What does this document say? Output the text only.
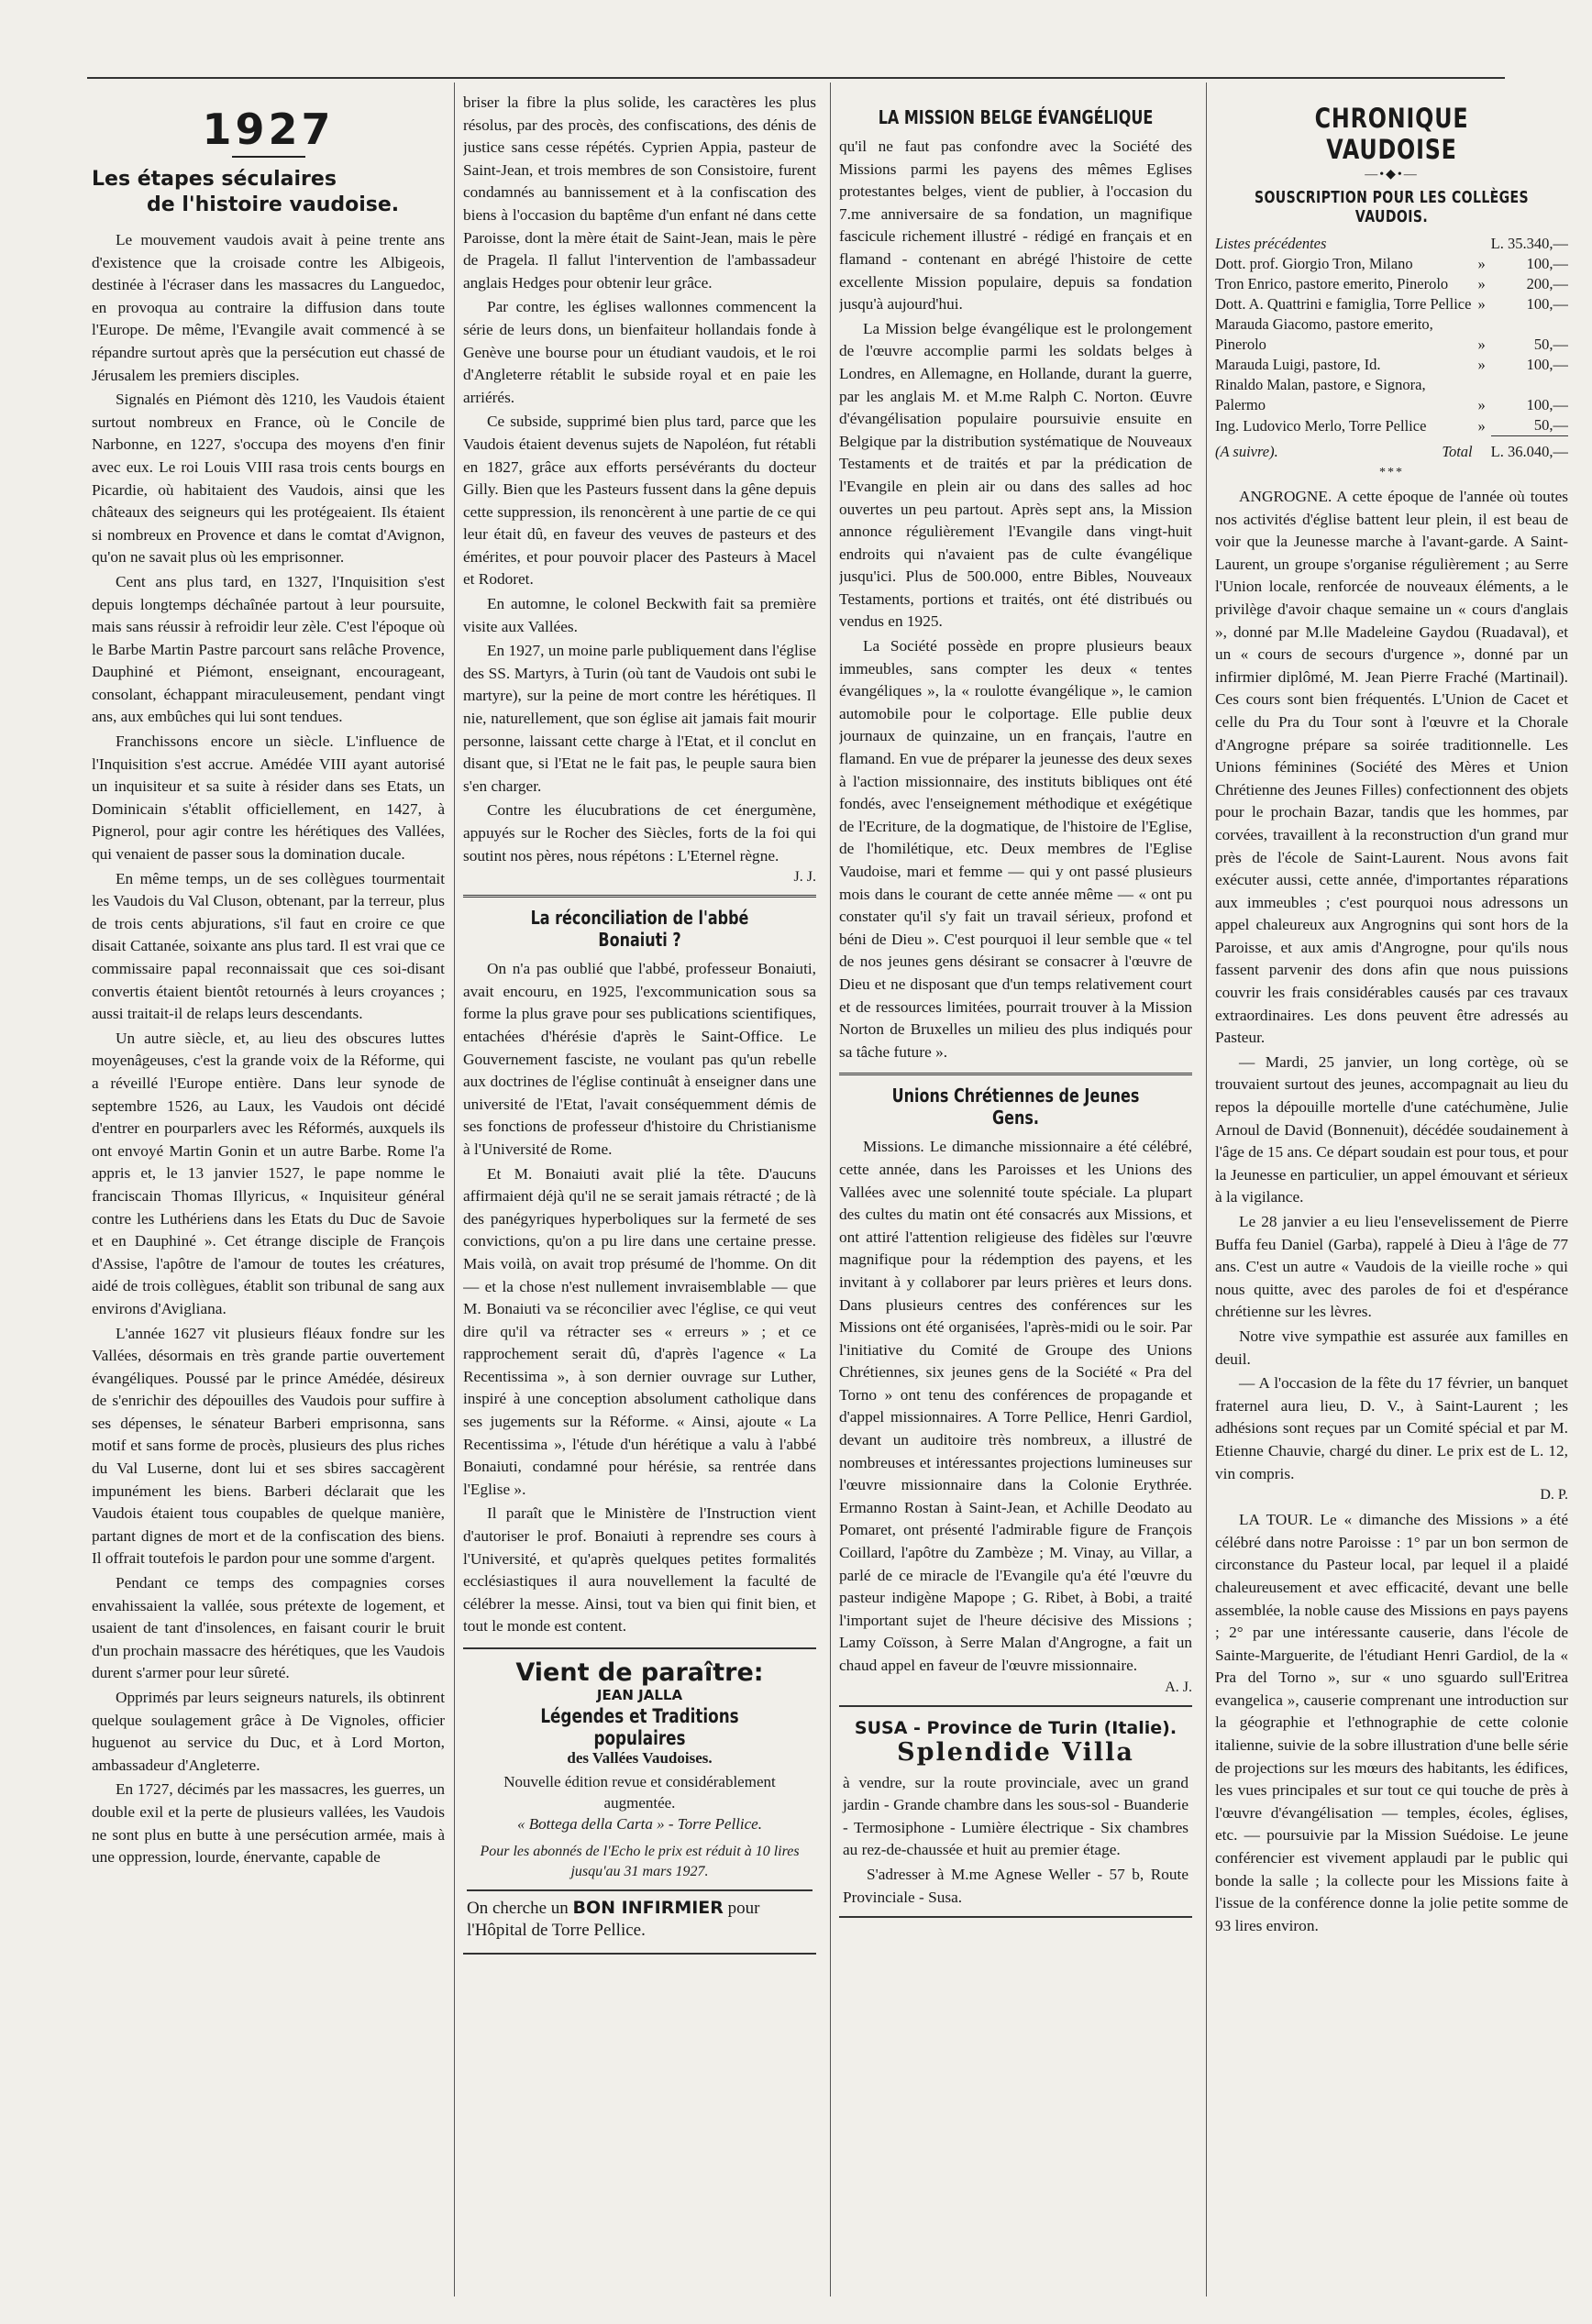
1927
Les étapes séculaires
de l'histoire vaudoise.

Le mouvement vaudois avait à peine trente ans d'existence que la croisade contre les Albigeois, destinée à l'écraser dans les massacres du Languedoc, en provoqua au contraire la diffusion dans toute l'Europe. De même, l'Evangile avait commencé à se répandre surtout après que la persécution eut chassé de Jérusalem les premiers disciples.

Signalés en Piémont dès 1210, les Vaudois étaient surtout nombreux en France, où le Concile de Narbonne, en 1227, s'occupa des moyens d'en finir avec eux. Le roi Louis VIII rasa trois cents bourgs en Picardie, où habitaient des Vaudois, ainsi que les châteaux des seigneurs qui les protégeaient. Ils étaient si nombreux en Provence et dans le comtat d'Avignon, qu'on ne savait plus où les emprisonner.

Cent ans plus tard, en 1327, l'Inquisition s'est depuis longtemps déchaînée partout à leur poursuite, mais sans réussir à refroidir leur zèle. C'est l'époque où le Barbe Martin Pastre parcourt sans relâche Provence, Dauphiné et Piémont, enseignant, encourageant, consolant, échappant miraculeusement, pendant vingt ans, aux embûches qui lui sont tendues.

Franchissons encore un siècle. L'influence de l'Inquisition s'est accrue. Amédée VIII ayant autorisé un inquisiteur et sa suite à résider dans ses Etats, un Dominicain s'établit officiellement, en 1427, à Pignerol, pour agir contre les hérétiques des Vallées, qui venaient de passer sous la domination ducale.

En même temps, un de ses collègues tourmentait les Vaudois du Val Cluson, obtenant, par la terreur, plus de trois cents abjurations, s'il faut en croire ce que disait Cattanée, soixante ans plus tard. Il est vrai que ce commissaire papal reconnaissait que ces soi-disant convertis étaient bientôt retournés à leurs croyances ; aussi traitait-il de relaps leurs descendants.

Un autre siècle, et, au lieu des obscures luttes moyenâgeuses, c'est la grande voix de la Réforme, qui a réveillé l'Europe entière. Dans leur synode de septembre 1526, au Laux, les Vaudois ont décidé d'entrer en pourparlers avec les Réformés, auxquels ils ont envoyé Martin Gonin et un autre Barbe. Rome l'a appris et, le 13 janvier 1527, le pape nomme le franciscain Thomas Illyricus, « Inquisiteur général contre les Luthériens dans les Etats du Duc de Savoie et en Dauphiné ». Cet étrange disciple de François d'Assise, l'apôtre de l'amour de toutes les créatures, aidé de trois collègues, établit son tribunal de sang aux environs d'Avigliana.

L'année 1627 vit plusieurs fléaux fondre sur les Vallées, désormais en très grande partie ouvertement évangéliques. Poussé par le prince Amédée, désireux de s'enrichir des dépouilles des Vaudois pour suffire à ses dépenses, le sénateur Barberi emprisonna, sans motif et sans forme de procès, plusieurs des plus riches du Val Luserne, dont lui et ses sbires saccagèrent impunément les biens. Barberi déclarait que les Vaudois étaient tous coupables de quelque manière, partant dignes de mort et de la confiscation des biens. Il offrait toutefois le pardon pour une somme d'argent.

Pendant ce temps des compagnies corses envahissaient la vallée, sous prétexte de logement, et usaient de tant d'insolences, en faisant courir le bruit d'un prochain massacre des hérétiques, que les Vaudois durent s'armer pour leur sûreté.

Opprimés par leurs seigneurs naturels, ils obtinrent quelque soulagement grâce à De Vignoles, officier huguenot au service du Duc, et à Lord Morton, ambassadeur d'Angleterre.

En 1727, décimés par les massacres, les guerres, un double exil et la perte de plusieurs vallées, les Vaudois ne sont plus en butte à une persécution armée, mais à une oppression, lourde, énervante, capable de

briser la fibre la plus solide, les caractères les plus résolus, par des procès, des confiscations, des dénis de justice sans cesse répétés. Cyprien Appia, pasteur de Saint-Jean, et trois membres de son Consistoire, furent condamnés au bannissement et à la confiscation des biens à l'occasion du baptême d'un enfant né dans cette Paroisse, dont la mère était de Saint-Jean, mais le père de Pragela. Il fallut l'intervention de l'ambassadeur anglais Hedges pour obtenir leur grâce.

Par contre, les églises wallonnes commencent la série de leurs dons, un bienfaiteur hollandais fonde à Genève une bourse pour un étudiant vaudois, et le roi d'Angleterre rétablit le subside royal et en paie les arriérés.

Ce subside, supprimé bien plus tard, parce que les Vaudois étaient devenus sujets de Napoléon, fut rétabli en 1827, grâce aux efforts persévérants du docteur Gilly. Bien que les Pasteurs fussent dans la gêne depuis cette suppression, ils renoncèrent à une partie de ce qui leur était dû, en faveur des veuves de pasteurs et des émérites, et pour pouvoir placer des Pasteurs à Macel et Rodoret.

En automne, le colonel Beckwith fait sa première visite aux Vallées.

En 1927, un moine parle publiquement dans l'église des SS. Martyrs, à Turin (où tant de Vaudois ont subi le martyre), sur la peine de mort contre les hérétiques. Il nie, naturellement, que son église ait jamais fait mourir personne, laissant cette charge à l'Etat, et il conclut en disant que, si l'Etat ne le fait pas, le peuple saura bien s'en charger.

Contre les élucubrations de cet énergumène, appuyés sur le Rocher des Siècles, forts de la foi qui soutint nos pères, nous répétons : L'Eternel règne.

J. J.
La réconciliation de l'abbé Bonaiuti ?

On n'a pas oublié que l'abbé, professeur Bonaiuti, avait encouru, en 1925, l'excommunication sous sa forme la plus grave pour ses publications scientifiques, entachées d'hérésie d'après le Saint-Office. Le Gouvernement fasciste, ne voulant pas qu'un rebelle aux doctrines de l'église continuât à enseigner dans une université de l'Etat, l'avait conséquemment démis de ses fonctions de professeur d'histoire du Christianisme à l'Université de Rome.

Et M. Bonaiuti avait plié la tête. D'aucuns affirmaient déjà qu'il ne se serait jamais rétracté ; de là des panégyriques hyperboliques sur la fermeté de ses convictions, qu'on a pu lire dans une certaine presse. Mais voilà, on avait trop présumé de l'homme. On dit — et la chose n'est nullement invraisemblable — que M. Bonaiuti va se réconcilier avec l'église, ce qui veut dire qu'il va rétracter ses « erreurs » ; et ce rapprochement serait dû, d'après l'agence « La Recentissima », à son dernier ouvrage sur Luther, inspiré à une conception absolument catholique dans ses jugements sur la Réforme. « Ainsi, ajoute « La Recentissima », l'étude d'un hérétique a valu à l'abbé Bonaiuti, condamné pour hérésie, sa rentrée dans l'Eglise ».

Il paraît que le Ministère de l'Instruction vient d'autoriser le prof. Bonaiuti à reprendre ses cours à l'Université, et qu'après quelques petites formalités ecclésiastiques il aura nouvellement la faculté de célébrer la messe. Ainsi, tout va bien qui finit bien, et tout le monde est content.

Vient de paraître:
JEAN JALLA
Légendes et Traditions populaires
des Vallées Vaudoises.

Nouvelle édition revue et considérablement augmentée.

« Bottega della Carta » - Torre Pellice.

Pour les abonnés de l'Echo le prix est réduit à 10 lires jusqu'au 31 mars 1927.

On cherche un BON INFIRMIER pour l'Hôpital de Torre Pellice.

LA MISSION BELGE ÉVANGÉLIQUE

qu'il ne faut pas confondre avec la Société des Missions parmi les payens des mêmes Eglises protestantes belges, vient de publier, à l'occasion du 7.me anniversaire de sa fondation, un magnifique fascicule richement illustré - rédigé en français et en flamand - contenant en abrégé l'histoire de cette excellente Mission populaire, depuis sa fondation jusqu'à aujourd'hui.

La Mission belge évangélique est le prolongement de l'œuvre accomplie parmi les soldats belges à Londres, en Allemagne, en Hollande, durant la guerre, par les anglais M. et M.me Ralph C. Norton. Œuvre d'évangélisation populaire poursuivie ensuite en Belgique par la distribution systématique de Nouveaux Testaments et de traités et par la prédication de l'Evangile en plein air ou dans des salles ad hoc ouvertes un peu partout. Après sept ans, la Mission annonce régulièrement l'Evangile dans vingt-huit endroits qui n'avaient pas de culte évangélique jusqu'ici. Plus de 500.000, entre Bibles, Nouveaux Testaments, portions et traités, ont été distribués ou vendus en 1925.

La Société possède en propre plusieurs beaux immeubles, sans compter les deux « tentes évangéliques », la « roulotte évangélique », le camion automobile pour le colportage. Elle publie deux journaux de quinzaine, un en français, l'autre en flamand. En vue de préparer la jeunesse des deux sexes à l'action missionnaire, des instituts bibliques ont été fondés, avec l'enseignement méthodique et exégétique de l'Ecriture, de la dogmatique, de l'histoire de l'Eglise, de l'homilétique, etc. Deux membres de l'Eglise Vaudoise, mari et femme — qui y ont passé plusieurs mois dans le courant de cette année même — « ont pu constater qu'il s'y fait un travail sérieux, profond et béni de Dieu ». C'est pourquoi il leur semble que « tel de nos jeunes gens désirant se consacrer à l'œuvre de Dieu et ne disposant que d'un temps relativement court et de ressources limitées, pourrait trouver à la Mission Norton de Bruxelles un milieu des plus indiqués pour sa tâche future ».

Unions Chrétiennes de Jeunes Gens.

Missions. Le dimanche missionnaire a été célébré, cette année, dans les Paroisses et les Unions des Vallées avec une solennité toute spéciale. La plupart des cultes du matin ont été consacrés aux Missions, et ont attiré l'attention religieuse des fidèles sur l'œuvre magnifique pour la rédemption des payens, et les invitant à y collaborer par leurs prières et leurs dons. Dans plusieurs centres des conférences sur les Missions ont été organisées, l'après-midi ou le soir. Par l'initiative du Comité de Groupe des Unions Chrétiennes, six jeunes gens de la Société « Pra del Torno » ont tenu des conférences de propagande et d'appel missionnaires. A Torre Pellice, Henri Gardiol, devant un auditoire très nombreux, a illustré de nombreuses et intéressantes projections lumineuses sur l'œuvre missionnaire dans la Colonie Erythrée. Ermanno Rostan à Saint-Jean, et Achille Deodato au Pomaret, ont présenté l'admirable figure de François Coillard, l'apôtre du Zambèze ; M. Vinay, au Villar, a parlé de ce miracle de l'Evangile qu'a été l'œuvre du pasteur indigène Mapope ; G. Ribet, à Bobi, a traité l'important sujet de l'heure décisive des Missions ; Lamy Coïsson, à Serre Malan d'Angrogne, a fait un chaud appel en faveur de l'œuvre missionnaire.

A. J.
SUSA - Province de Turin (Italie).
Splendide Villa

à vendre, sur la route provinciale, avec un grand jardin - Grande chambre dans les sous-sol - Buanderie - Termosiphone - Lumière électrique - Six chambres au rez-de-chaussée et huit au premier étage.

S'adresser à M.me Agnese Weller - 57 b, Route Provinciale - Susa.

CHRONIQUE VAUDOISE
—•◆•—
SOUSCRIPTION POUR LES COLLÈGES VAUDOIS.
Listes précédentes	L. 35.340,—	
Dott. prof. Giorgio Tron, Milano	»	100,—
Tron Enrico, pastore emerito, Pinerolo	»	200,—
Dott. A. Quattrini e famiglia, Torre Pellice	»	100,—
Marauda Giacomo, pastore emerito, Pinerolo	»	50,—
Marauda Luigi, pastore, Id.	»	100,—
Rinaldo Malan, pastore, e Signora, Palermo	»	100,—
Ing. Ludovico Merlo, Torre Pellice	»	50,—
(A suivre). Total		L. 36.040,—
***

ANGROGNE. A cette époque de l'année où toutes nos activités d'église battent leur plein, il est beau de voir que la Jeunesse marche à l'avant-garde. A Saint-Laurent, un groupe s'organise régulièrement ; au Serre l'Union locale, renforcée de nouveaux éléments, a le privilège d'avoir chaque semaine un « cours d'anglais », donné par M.lle Madeleine Gaydou (Ruadaval), et un « cours de secours d'urgence », donné par un infirmier diplômé, M. Jean Pierre Fraché (Martinail). Ces cours sont bien fréquentés. L'Union de Cacet et celle du Pra du Tour sont à l'œuvre et la Chorale d'Angrogne prépare sa soirée traditionnelle. Les Unions féminines (Société des Mères et Union Chrétienne des Jeunes Filles) confectionnent des objets pour le prochain Bazar, tandis que les hommes, par corvées, travaillent à la reconstruction d'un grand mur près de l'école de Saint-Laurent. Nous avons fait exécuter aussi, cette année, d'importantes réparations aux immeubles ; c'est pourquoi nous adressons un appel chaleureux aux Angrognins qui sont hors de la Paroisse, et aux amis d'Angrogne, pour qu'ils nous fassent parvenir des dons afin que nous puissions couvrir les frais considérables causés par ces travaux extraordinaires. Les dons peuvent être adressés au Pasteur.

— Mardi, 25 janvier, un long cortège, où se trouvaient surtout des jeunes, accompagnait au lieu du repos la dépouille mortelle d'une catéchumène, Julie Arnoul de David (Bonnenuit), décédée soudainement à l'âge de 15 ans. Ce départ soudain est pour tous, et pour la Jeunesse en particulier, un appel émouvant et sérieux à la vigilance.

Le 28 janvier a eu lieu l'ensevelissement de Pierre Buffa feu Daniel (Garba), rappelé à Dieu à l'âge de 77 ans. C'est un autre « Vaudois de la vieille roche » qui nous quitte, avec des paroles de foi et d'espérance chrétienne sur les lèvres.

Notre vive sympathie est assurée aux familles en deuil.

— A l'occasion de la fête du 17 février, un banquet fraternel aura lieu, D. V., à Saint-Laurent ; les adhésions sont reçues par un Comité spécial et par M. Etienne Chauvie, chargé du diner. Le prix est de L. 12, vin compris.

D. P.

LA TOUR. Le « dimanche des Missions » a été célébré dans notre Paroisse : 1° par un bon sermon de circonstance du Pasteur local, par lequel il a plaidé chaleureusement et avec efficacité, devant une belle assemblée, la noble cause des Missions en pays payens ; 2° par une intéressante causerie, dans l'école de Sainte-Marguerite, de l'étudiant Henri Gardiol, de la « Pra del Torno », sur « uno sguardo sull'Eritrea evangelica », causerie comprenant une introduction sur la géographie et l'ethnographie de cette colonie italienne, suivie de la sobre illustration d'une belle série de projections sur les mœurs des habitants, les édifices, les vues principales et sur tout ce qui touche de près à l'œuvre d'évangélisation — temples, écoles, églises, etc. — poursuivie par la Mission Suédoise. Le jeune conférencier est vivement applaudi par le public qui bonde la salle ; la collecte pour les Missions faite à l'issue de la conférence donne la jolie petite somme de 93 lires environ.
